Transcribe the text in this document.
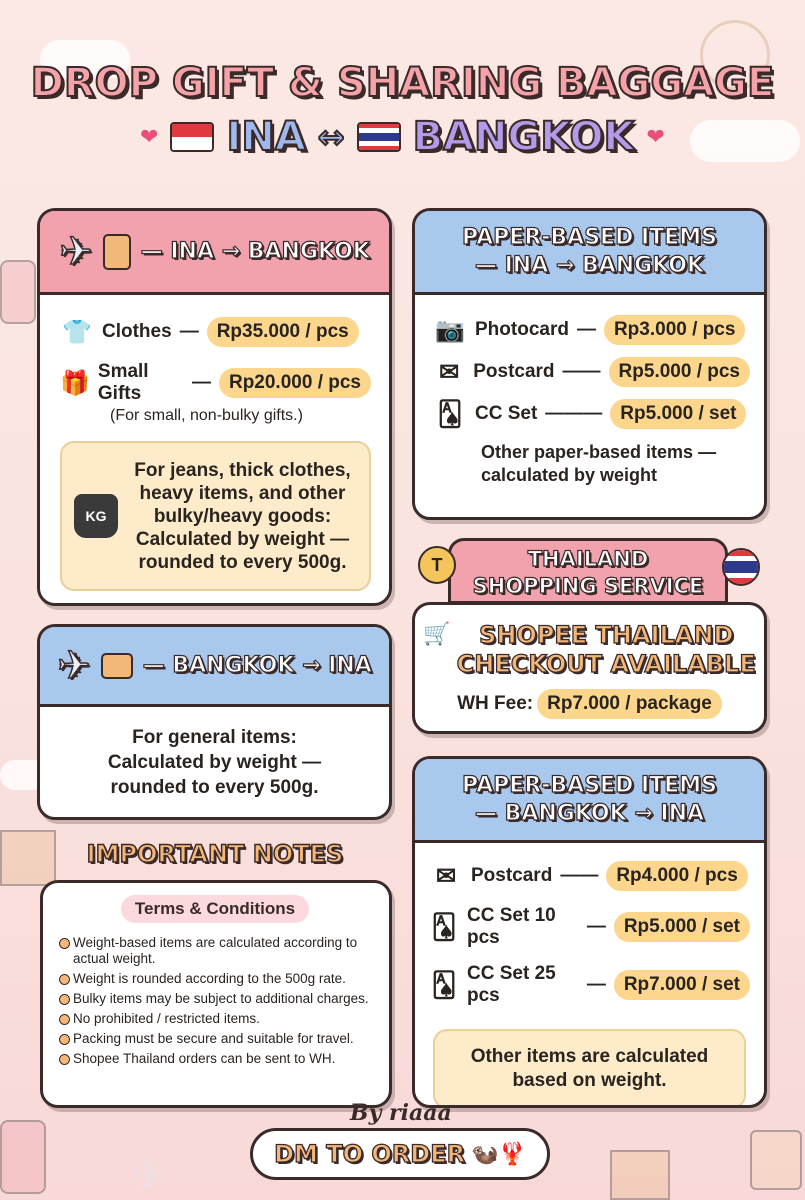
DROP GIFT & SHARING BAGGAGE
❤ INA ↔ BANGKOK ❤
✈ — INA → BANGKOK
👕 Clothes — Rp35.000 / pcs
🎁 Small Gifts
— Rp20.000 / pcs
(For small, non-bulky gifts.)
KG
For jeans, thick clothes, heavy items, and other bulky/heavy goods: Calculated by weight — rounded to every 500g.
✈ — BANGKOK → INA
For general items: Calculated by weight — rounded to every 500g.
IMPORTANT NOTES
Terms & Conditions
Weight-based items are calculated according to actual weight.
Weight is rounded according to the 500g rate.
Bulky items may be subject to additional charges.
No prohibited / restricted items.
Packing must be secure and suitable for travel.
Shopee Thailand orders can be sent to WH.
PAPER-BASED ITEMS
— INA → BANGKOK
📷 Photocard — Rp3.000 / pcs
✉ Postcard —— Rp5.000 / pcs
🂡 CC Set ——— Rp5.000 / set
Other paper-based items — calculated by weight
THAILAND
SHOPPING SERVICE
T
🛒	SHOPEE THAILAND
CHECKOUT AVAILABLE
WH Fee: Rp7.000 / package
PAPER-BASED ITEMS
— BANGKOK → INA
✉ Postcard —— Rp4.000 / pcs
🂡 CC Set 10 pcs
— Rp5.000 / set
🂡 CC Set 25 pcs
— Rp7.000 / set
Other items are calculated based on weight.
By riaaa
DM TO ORDER 🦦🦞
✈
